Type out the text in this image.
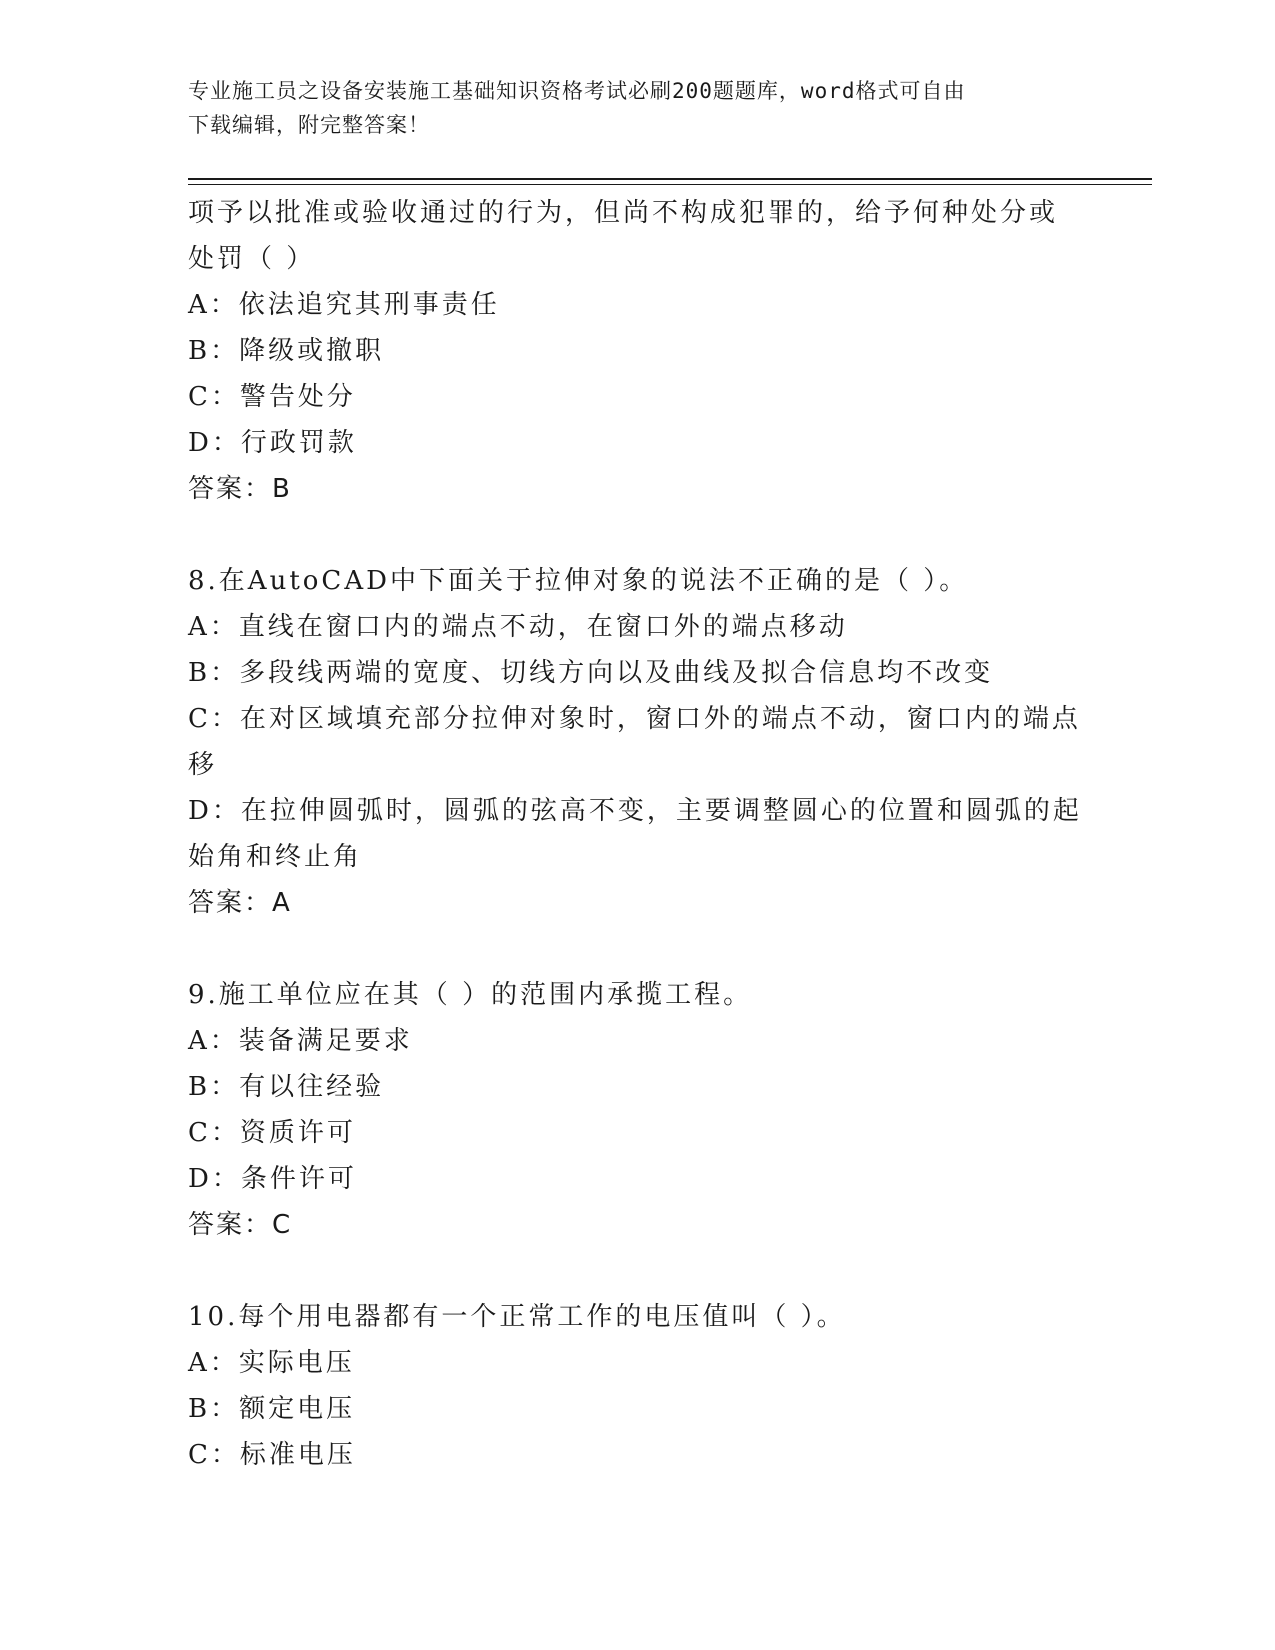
专业施工员之设备安装施工基础知识资格考试必刷200题题库，word格式可自由
下载编辑，附完整答案！
项予以批准或验收通过的行为，但尚不构成犯罪的，给予何种处分或
处罚（ ）
A：依法追究其刑事责任
B：降级或撤职
C：警告处分
D：行政罚款
答案：B
8.在AutoCAD中下面关于拉伸对象的说法不正确的是（ ）。
A：直线在窗口内的端点不动，在窗口外的端点移动
B：多段线两端的宽度、切线方向以及曲线及拟合信息均不改变
C：在对区域填充部分拉伸对象时，窗口外的端点不动，窗口内的端点
移
D：在拉伸圆弧时，圆弧的弦高不变，主要调整圆心的位置和圆弧的起
始角和终止角
答案：A
9.施工单位应在其（ ）的范围内承揽工程。
A：装备满足要求
B：有以往经验
C：资质许可
D：条件许可
答案：C
10.每个用电器都有一个正常工作的电压值叫（ ）。
A：实际电压
B：额定电压
C：标准电压
